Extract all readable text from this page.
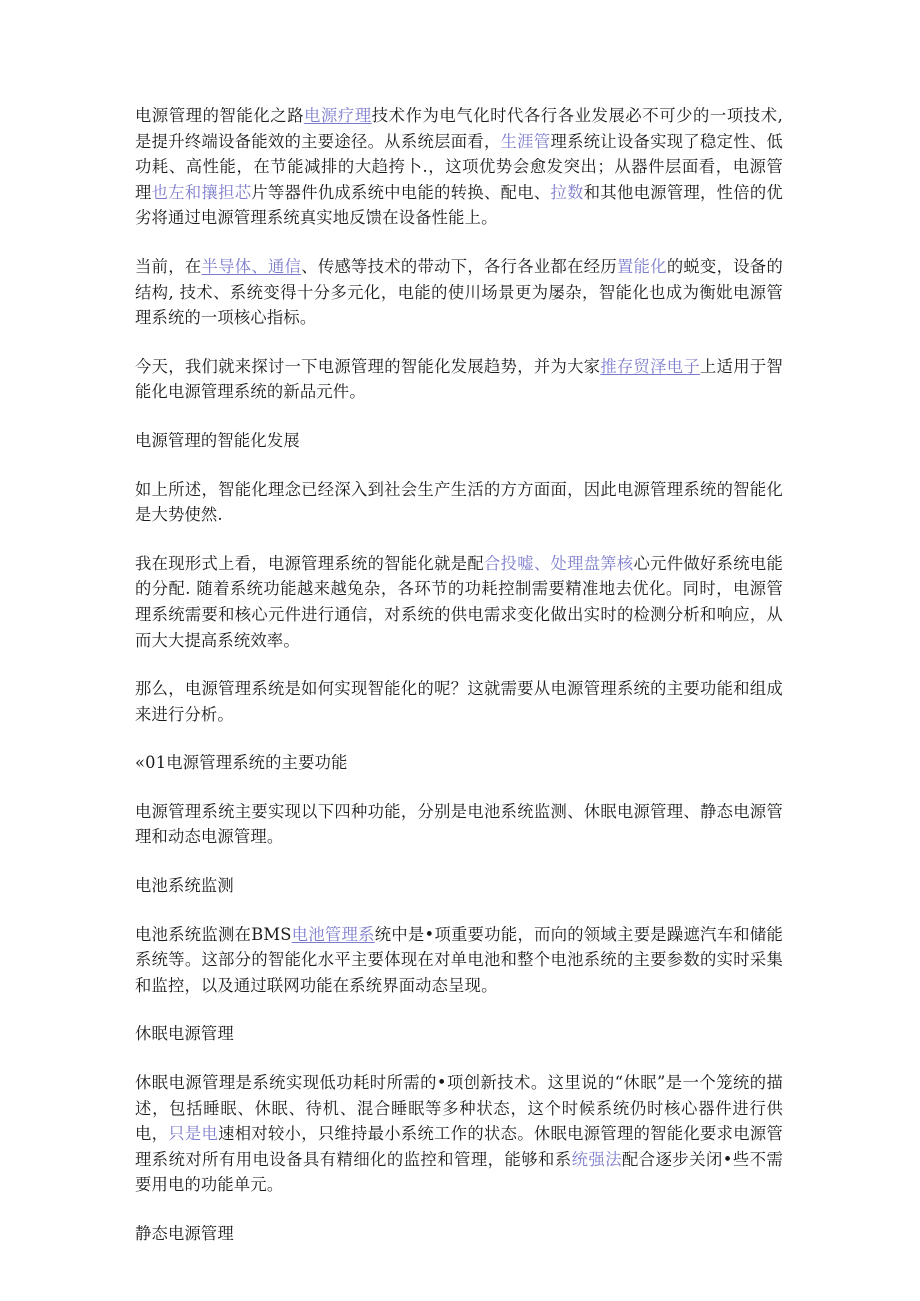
电源管理的智能化之路电源疗理技术作为电气化时代各行各业发展必不可少的一项技术, 是提升终端设备能效的主要途径。从系统层面看，生涯管理系统让设备实现了稳定性、低功耗、高性能，在节能减排的大趋挎卜.，这项优势会愈发突出；从器件层面看，电源管理也左和攘担芯片等器件仇成系统中电能的转换、配电、拉数和其他电源管理，性倍的优劣将通过电源管理系统真实地反馈在设备性能上。

当前，在半导体、通信、传感等技术的带动下，各行各业都在经历置能化的蜕变，设备的结构, 技术、系统变得十分多元化，电能的使川场景更为屡杂，智能化也成为衡妣电源管理系统的一项核心指标。

今天，我们就来探讨一下电源管理的智能化发展趋势，并为大家推存贸泽电子上适用于智能化电源管理系统的新品元件。

电源管理的智能化发展

如上所述，智能化理念已经深入到社会生产生活的方方面面，因此电源管理系统的智能化是大势使然.

我在现形式上看，电源管理系统的智能化就是配合投嘘、处理盘筭核心元件做好系统电能的分配. 随着系统功能越来越兔杂，各环节的功耗控制需要精准地去优化。同时，电源管理系统需要和核心元件进行通信，对系统的供电需求变化做出实时的检测分析和响应，从而大大提高系统效率。

那么，电源管理系统是如何实现智能化的呢？这就需要从电源管理系统的主要功能和组成来进行分析。

«01电源管理系统的主要功能

电源管理系统主要实现以下四种功能，分别是电池系统监测、休眠电源管理、静态电源管理和动态电源管理。

电池系统监测

电池系统监测在BMS电池管理系统中是•项重要功能，而向的领域主要是躁遮汽车和储能系统等。这部分的智能化水平主要体现在对单电池和整个电池系统的主要参数的实时采集和监控，以及通过联网功能在系统界面动态呈现。

休眠电源管理

休眠电源管理是系统实现低功耗时所需的•项创新技术。这里说的“休眠”是一个笼统的描述，包括睡眠、休眠、待机、混合睡眠等多种状态，这个时候系统仍时核心器件进行供电，只是电速相对较小，只维持最小系统工作的状态。休眠电源管理的智能化要求电源管理系统对所有用电设备具有精细化的监控和管理，能够和系统强法配合逐步关闭•些不需要用电的功能单元。

静态电源管理
